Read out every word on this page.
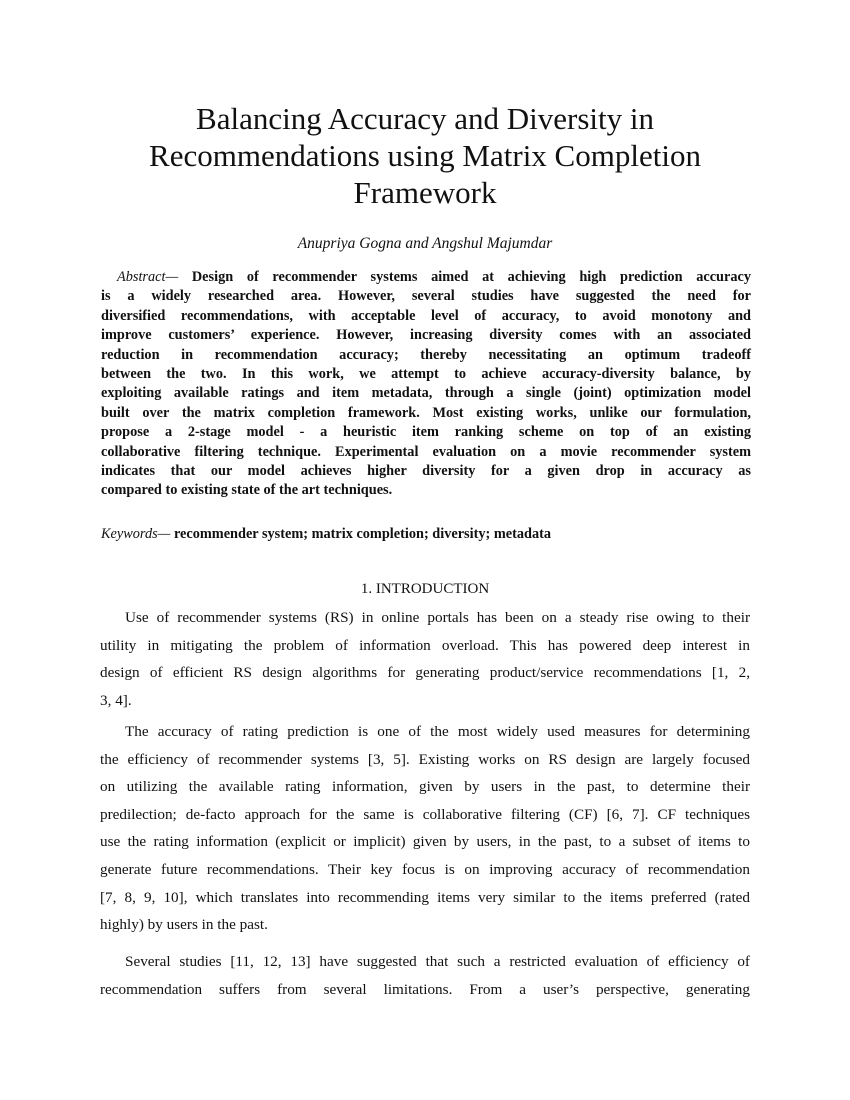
Balancing Accuracy and Diversity in
Recommendations using Matrix Completion
Framework
Anupriya Gogna and Angshul Majumdar

Abstract— Design of recommender systems aimed at achieving high prediction accuracy
is a widely researched area. However, several studies have suggested the need for
diversified recommendations, with acceptable level of accuracy, to avoid monotony and
improve customers’ experience. However, increasing diversity comes with an associated
reduction in recommendation accuracy; thereby necessitating an optimum tradeoff
between the two. In this work, we attempt to achieve accuracy-diversity balance, by
exploiting available ratings and item metadata, through a single (joint) optimization model
built over the matrix completion framework. Most existing works, unlike our formulation,
propose a 2-stage model - a heuristic item ranking scheme on top of an existing
collaborative filtering technique. Experimental evaluation on a movie recommender system
indicates that our model achieves higher diversity for a given drop in accuracy as
compared to existing state of the art techniques.

Keywords— recommender system; matrix completion; diversity; metadata

1. INTRODUCTION

Use of recommender systems (RS) in online portals has been on a steady rise owing to their
utility in mitigating the problem of information overload. This has powered deep interest in
design of efficient RS design algorithms for generating product/service recommendations [1, 2,
3, 4].

The accuracy of rating prediction is one of the most widely used measures for determining
the efficiency of recommender systems [3, 5]. Existing works on RS design are largely focused
on utilizing the available rating information, given by users in the past, to determine their
predilection; de-facto approach for the same is collaborative filtering (CF) [6, 7]. CF techniques
use the rating information (explicit or implicit) given by users, in the past, to a subset of items to
generate future recommendations. Their key focus is on improving accuracy of recommendation
[7, 8, 9, 10], which translates into recommending items very similar to the items preferred (rated
highly) by users in the past.

Several studies [11, 12, 13] have suggested that such a restricted evaluation of efficiency of
recommendation suffers from several limitations. From a user’s perspective, generating
